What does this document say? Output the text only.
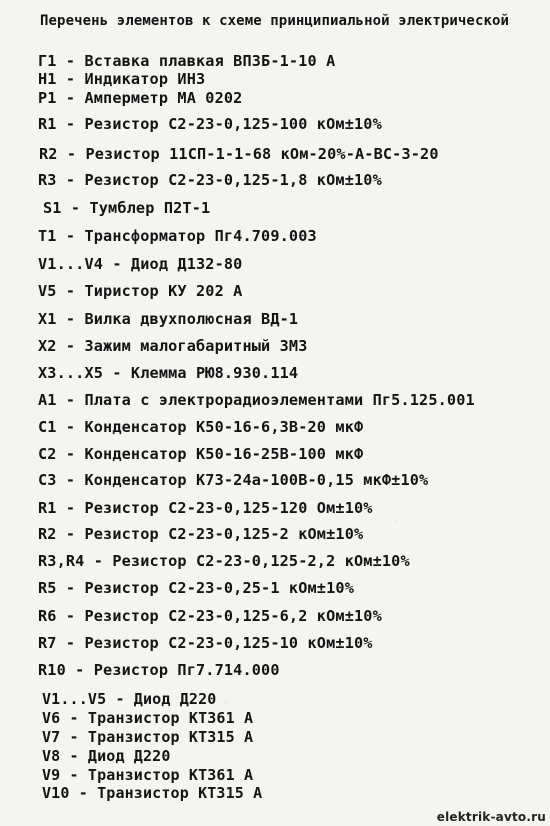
Перечень элементов к схеме принципиальной электрической
Г1 - Вставка плавкая ВП3Б-1-10 А
Н1 - Индикатор ИН3
Р1 - Амперметр МА 0202
R1 - Резистор С2-23-0,125-100 кОм±10%
R2 - Резистор 11СП-1-1-68 кОм-20%-А-ВС-3-20
R3 - Резистор С2-23-0,125-1,8 кОм±10%
S1 - Тумблер П2Т-1
Т1 - Трансформатор Пг4.709.003
V1...V4 - Диод Д132-80
V5 - Тиристор КУ 202 А
Х1 - Вилка двухполюсная ВД-1
Х2 - Зажим малогабаритный 3М3
Х3...Х5 - Клемма РЮ8.930.114
А1 - Плата с электрорадиоэлементами Пг5.125.001
С1 - Конденсатор К50-16-6,3В-20 мкФ
С2 - Конденсатор К50-16-25В-100 мкФ
С3 - Конденсатор К73-24а-100В-0,15 мкФ±10%
R1 - Резистор С2-23-0,125-120 Ом±10%
R2 - Резистор С2-23-0,125-2 кОм±10%
R3,R4 - Резистор С2-23-0,125-2,2 кОм±10%
R5 - Резистор С2-23-0,25-1 кОм±10%
R6 - Резистор С2-23-0,125-6,2 кОм±10%
R7 - Резистор С2-23-0,125-10 кОм±10%
R10 - Резистор Пг7.714.000
V1...V5 - Диод Д220
V6 - Транзистор КТ361 А
V7 - Транзистор КТ315 А
V8 - Диод Д220
V9 - Транзистор КТ361 А
V10 - Транзистор КТ315 А
elektrik-avto.ru
